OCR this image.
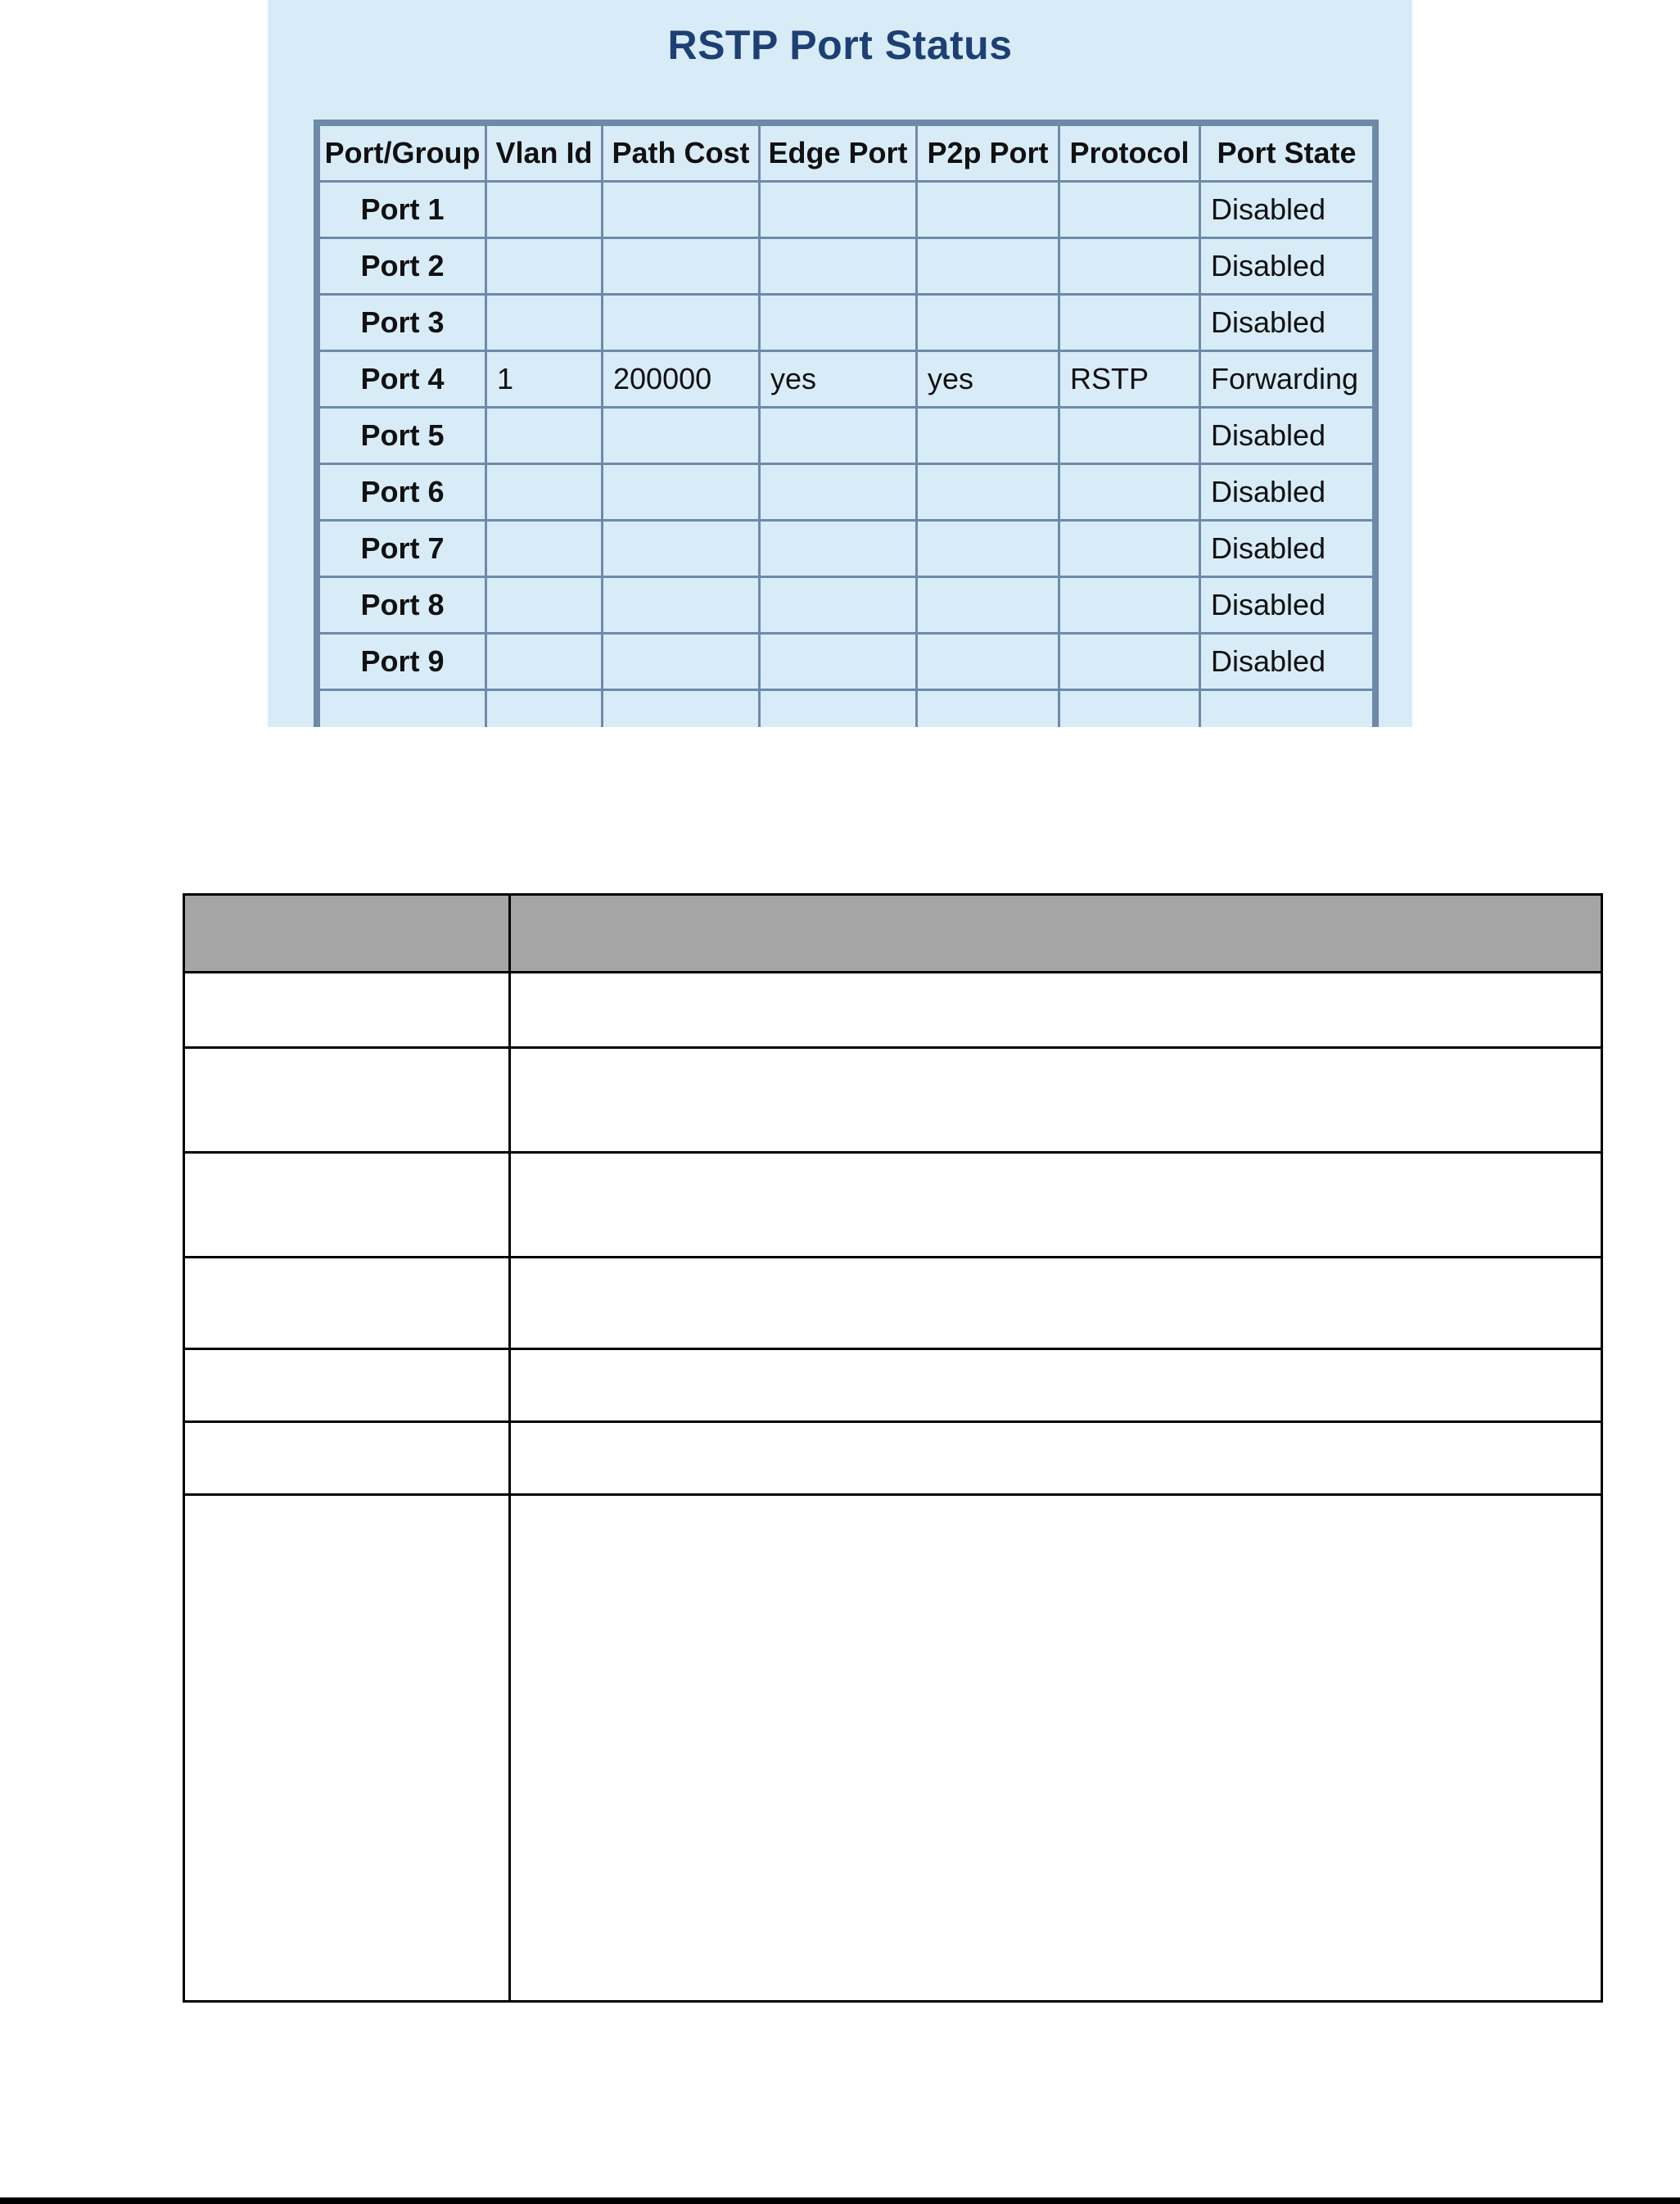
RSTP Port Status
Port/Group	Vlan Id	Path Cost	Edge Port	P2p Port	Protocol	Port State
Port 1						Disabled
Port 2						Disabled
Port 3						Disabled
Port 4	1	200000	yes	yes	RSTP	Forwarding
Port 5						Disabled
Port 6						Disabled
Port 7						Disabled
Port 8						Disabled
Port 9						Disabled
